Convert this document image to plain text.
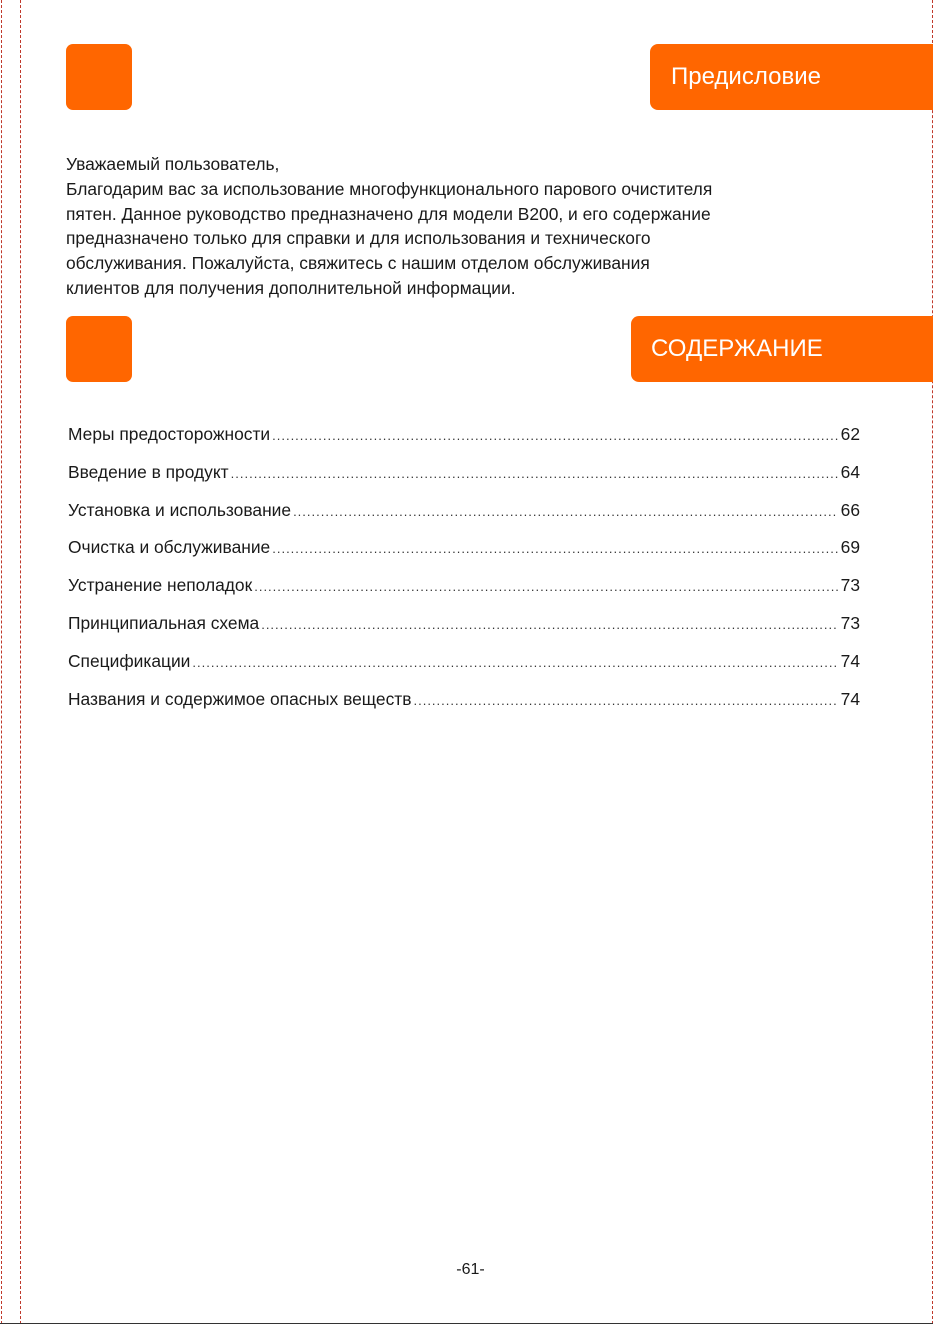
Предисловие

Уважаемый пользователь,

Благодарим вас за использование многофункционального парового очистителя

пятен. Данное руководство предназначено для модели B200, и его содержание

предназначено только для справки и для использования и технического

обслуживания. Пожалуйста, свяжитесь с нашим отделом обслуживания

клиентов для получения дополнительной информации.

СОДЕРЖАНИЕ
Меры предосторожности .....	62
Введение в продукт .....	64
Установка и использование .....	66
Очистка и обслуживание .....	69
Устранение неполадок .....	73
Принципиальная схема .....	73
Спецификации .....	74
Названия и содержимое опасных веществ .....	74
-61-
